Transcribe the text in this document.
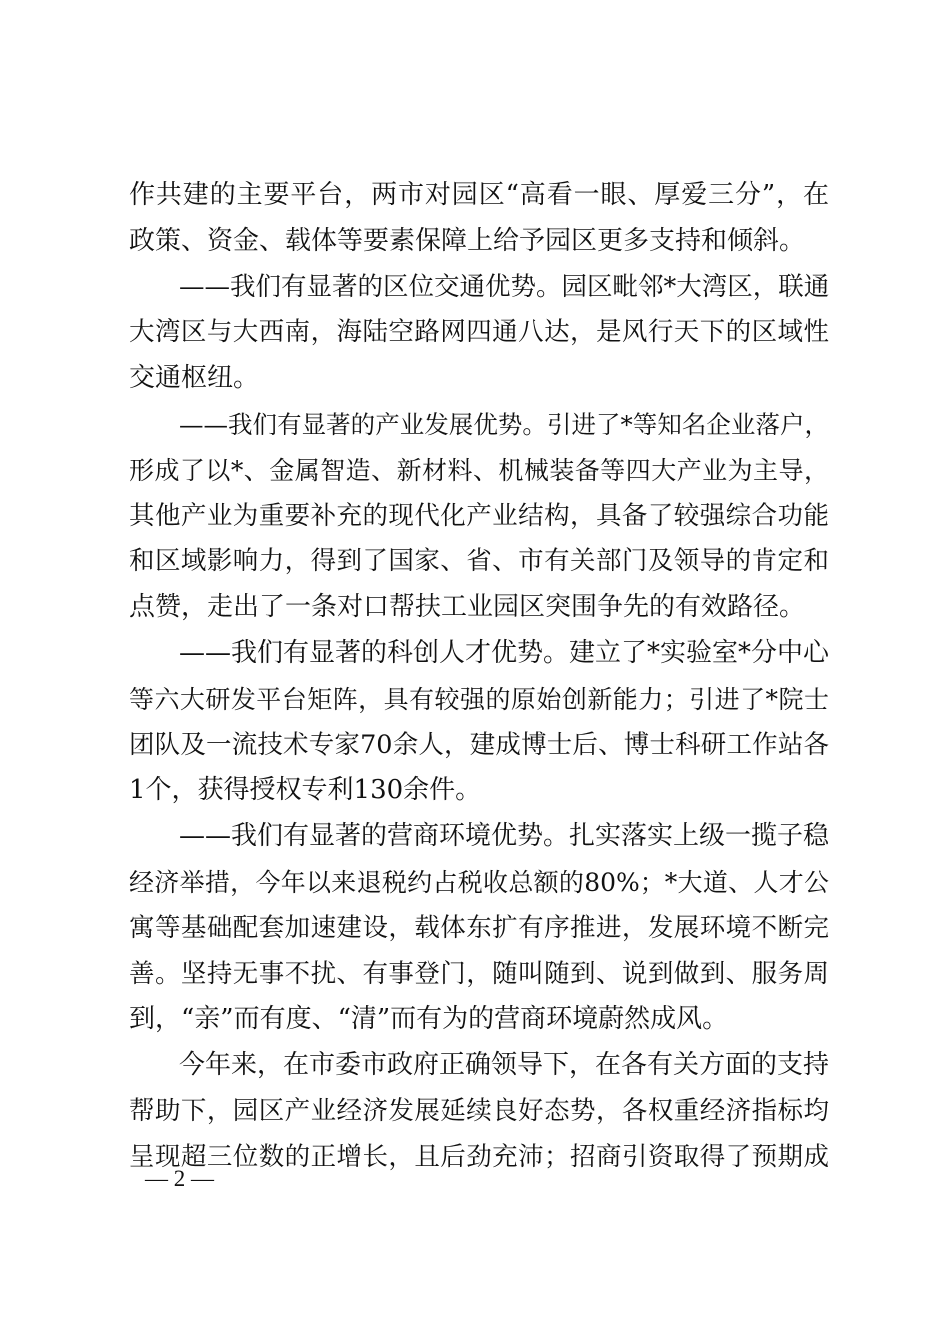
作共建的主要平台，两市对园区“高看一眼、厚爱三分”，在
政策、资金、载体等要素保障上给予园区更多支持和倾斜。
——我们有显著的区位交通优势。园区毗邻*大湾区，联通
大湾区与大西南，海陆空路网四通八达，是风行天下的区域性
交通枢纽。
——我们有显著的产业发展优势。引进了*等知名企业落户，
形成了以*、金属智造、新材料、机械装备等四大产业为主导，
其他产业为重要补充的现代化产业结构，具备了较强综合功能
和区域影响力，得到了国家、省、市有关部门及领导的肯定和
点赞，走出了一条对口帮扶工业园区突围争先的有效路径。
——我们有显著的科创人才优势。建立了*实验室*分中心
等六大研发平台矩阵，具有较强的原始创新能力；引进了*院士
团队及一流技术专家70余人，建成博士后、博士科研工作站各
1个，获得授权专利130余件。
——我们有显著的营商环境优势。扎实落实上级一揽子稳
经济举措，今年以来退税约占税收总额的80%；*大道、人才公
寓等基础配套加速建设，载体东扩有序推进，发展环境不断完
善。坚持无事不扰、有事登门，随叫随到、说到做到、服务周
到，“亲”而有度、“清”而有为的营商环境蔚然成风。
今年来，在市委市政府正确领导下，在各有关方面的支持
帮助下，园区产业经济发展延续良好态势，各权重经济指标均
呈现超三位数的正增长，且后劲充沛；招商引资取得了预期成
— 2 —
